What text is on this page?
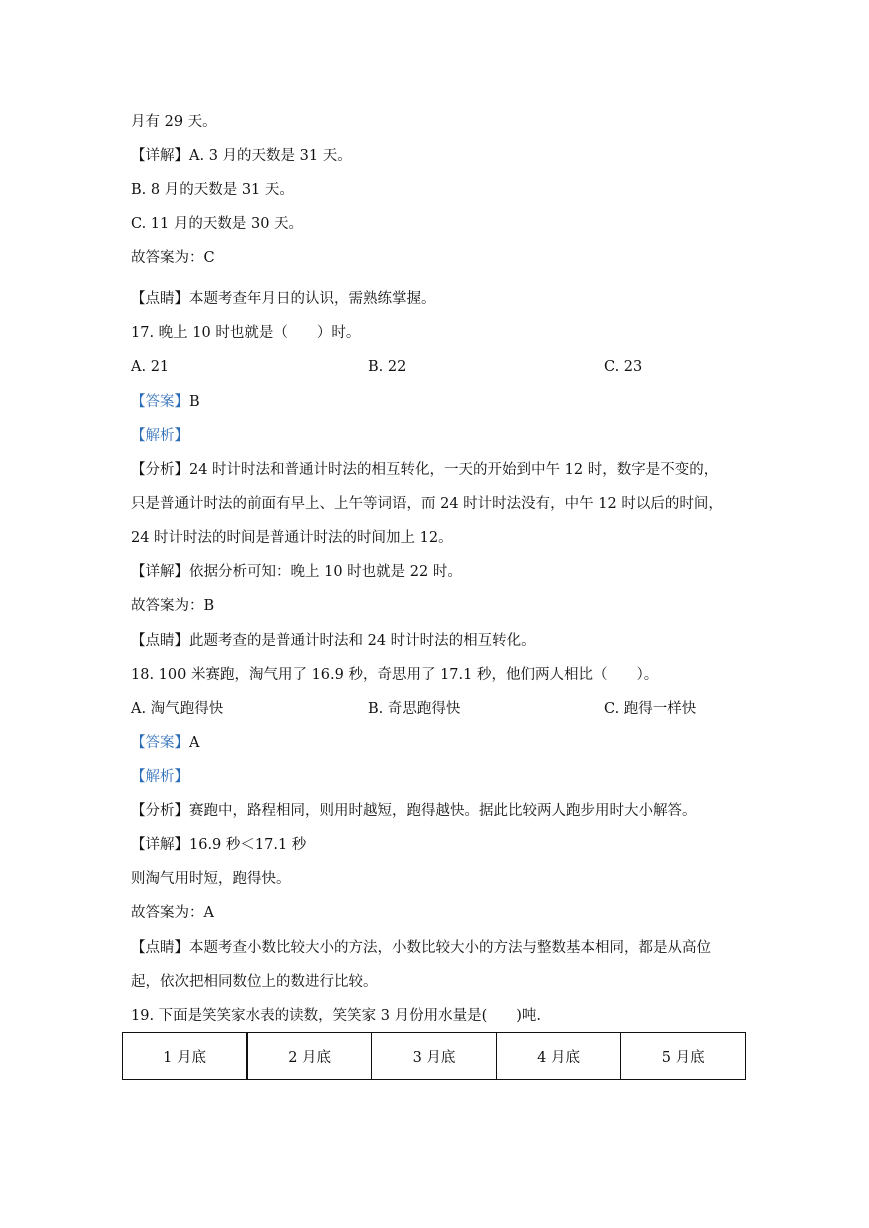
月有 29 天。
【详解】A. 3 月的天数是 31 天。
B. 8 月的天数是 31 天。
C. 11 月的天数是 30 天。
故答案为：C
【点睛】本题考查年月日的认识，需熟练掌握。
17. 晚上 10 时也就是（　　）时。
A. 21	B. 22	C. 23
【答案】B
【解析】
【分析】24 时计时法和普通计时法的相互转化，一天的开始到中午 12 时，数字是不变的，
只是普通计时法的前面有早上、上午等词语，而 24 时计时法没有，中午 12 时以后的时间，
24 时计时法的时间是普通计时法的时间加上 12。
【详解】依据分析可知：晚上 10 时也就是 22 时。
故答案为：B
【点睛】此题考查的是普通计时法和 24 时计时法的相互转化。
18. 100 米赛跑，淘气用了 16.9 秒，奇思用了 17.1 秒，他们两人相比（　　）。
A. 淘气跑得快	B. 奇思跑得快	C. 跑得一样快
【答案】A
【解析】
【分析】赛跑中，路程相同，则用时越短，跑得越快。据此比较两人跑步用时大小解答。
【详解】16.9 秒＜17.1 秒
则淘气用时短，跑得快。
故答案为：A
【点睛】本题考查小数比较大小的方法，小数比较大小的方法与整数基本相同，都是从高位
起，依次把相同数位上的数进行比较。
19. 下面是笑笑家水表的读数，笑笑家 3 月份用水量是(　　)吨.
1 月底	2 月底	3 月底	4 月底	5 月底
